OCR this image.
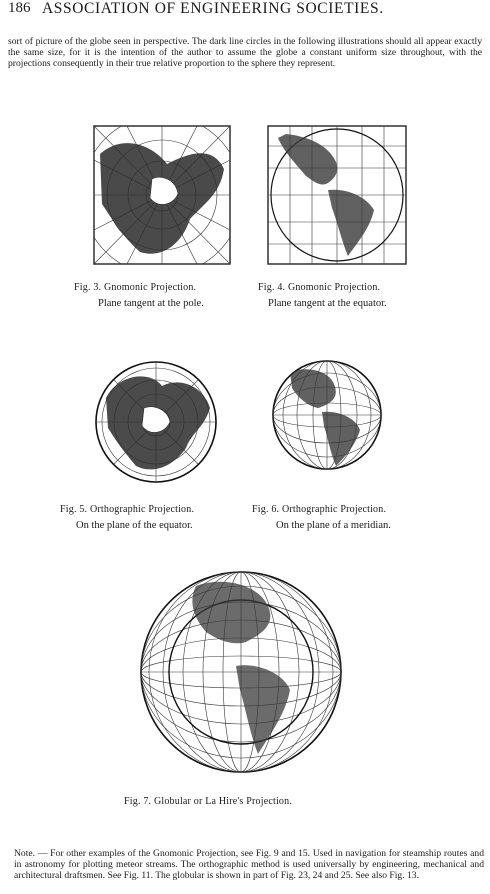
186 ASSOCIATION OF ENGINEERING SOCIETIES.

sort of picture of the globe seen in perspective. The dark line circles in the following illustrations should all appear exactly the same size, for it is the intention of the author to assume the globe a constant uniform size throughout, with the projections consequently in their true relative proportion to the sphere they represent.

Fig. 3. Gnomonic Projection.

Plane tangent at the pole.

Fig. 4. Gnomonic Projection.

Plane tangent at the equator.

Fig. 5. Orthographic Projection.

On the plane of the equator.

Fig. 6. Orthographic Projection.

On the plane of a meridian.

Fig. 7. Globular or La Hire's Projection.

Note. — For other examples of the Gnomonic Projection, see Fig. 9 and 15. Used in navigation for steamship routes and in astronomy for plotting meteor streams. The orthographic method is used universally by engineering, mechanical and architectural draftsmen. See Fig. 11. The globular is shown in part of Fig. 23, 24 and 25. See also Fig. 13.
